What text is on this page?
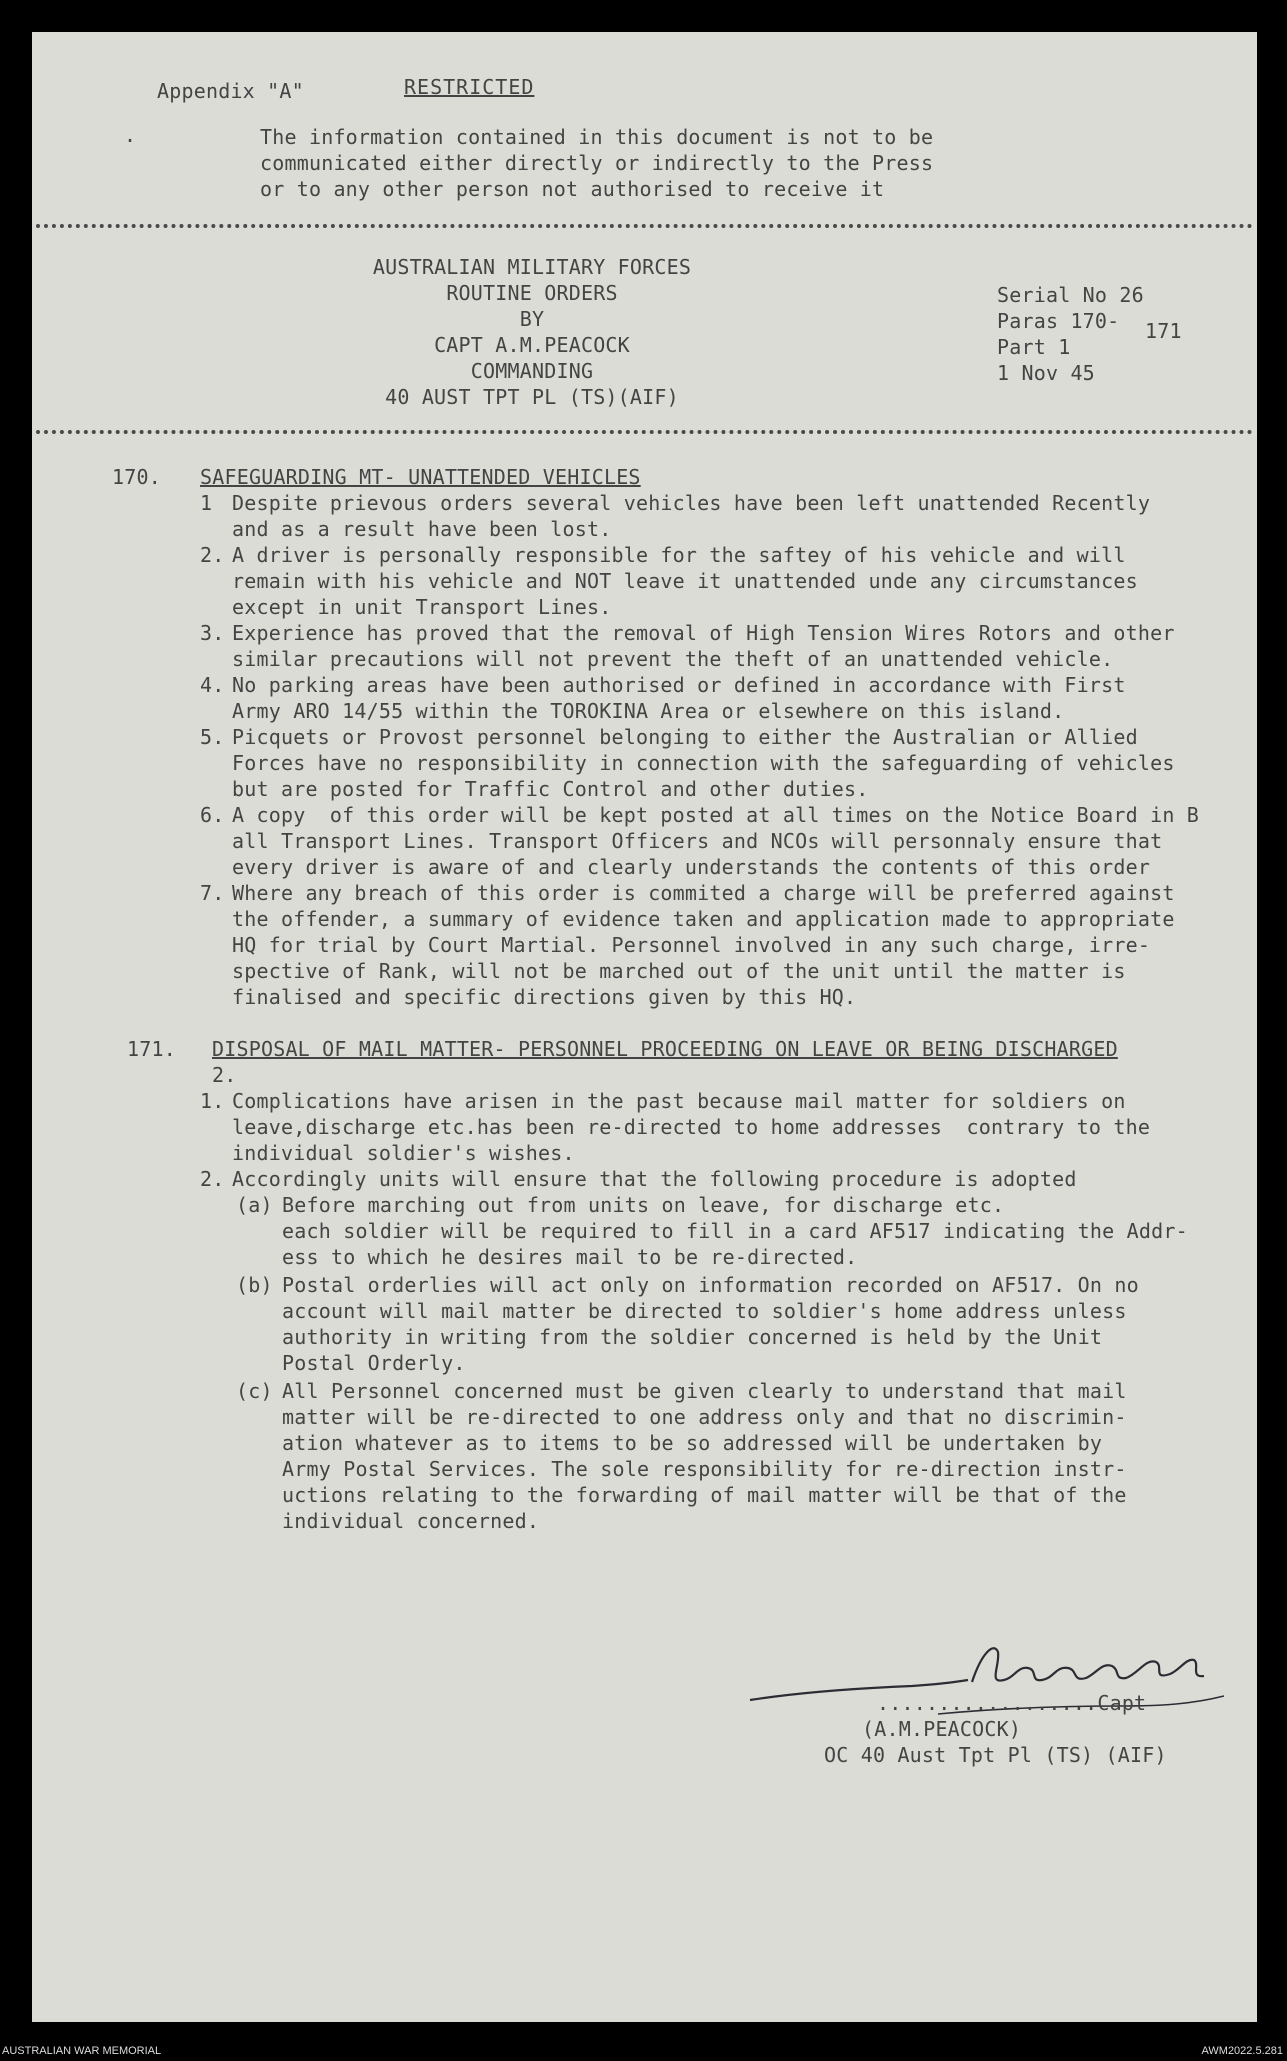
Appendix "A"	RESTRICTED
.	The information contained in this document is not to be
communicated either directly or indirectly to the Press
or to any other person not authorised to receive it
AUSTRALIAN MILITARY FORCES
ROUTINE ORDERS
BY
CAPT A.M.PEACOCK
COMMANDING
40 AUST TPT PL (TS)(AIF)
Serial No 26
Paras 170-
Part 1
1 Nov 45
171
170. SAFEGUARDING MT- UNATTENDED VEHICLES
1 Despite prievous orders several vehicles have been left unattended Recently
and as a result have been lost.
2. A driver is personally responsible for the saftey of his vehicle and will
remain with his vehicle and NOT leave it unattended unde any circumstances
except in unit Transport Lines.
3. Experience has proved that the removal of High Tension Wires Rotors and other
similar precautions will not prevent the theft of an unattended vehicle.
4. No parking areas have been authorised or defined in accordance with First
Army ARO 14/55 within the TOROKINA Area or elsewhere on this island.
5. Picquets or Provost personnel belonging to either the Australian or Allied
Forces have no responsibility in connection with the safeguarding of vehicles
but are posted for Traffic Control and other duties.
6. A copy  of this order will be kept posted at all times on the Notice Board in B
all Transport Lines. Transport Officers and NCOs will personnaly ensure that
every driver is aware of and clearly understands the contents of this order
7. Where any breach of this order is commited a charge will be preferred against
the offender, a summary of evidence taken and application made to appropriate
HQ for trial by Court Martial. Personnel involved in any such charge, irre-
spective of Rank, will not be marched out of the unit until the matter is
finalised and specific directions given by this HQ.
171. DISPOSAL OF MAIL MATTER- PERSONNEL PROCEEDING ON LEAVE OR BEING DISCHARGED
2.
1. Complications have arisen in the past because mail matter for soldiers on
leave,discharge etc.has been re-directed to home addresses  contrary to the
individual soldier's wishes.
2. Accordingly units will ensure that the following procedure is adopted
(a) Before marching out from units on leave, for discharge etc.
each soldier will be required to fill in a card AF517 indicating the Addr-
ess to which he desires mail to be re-directed.
(b) Postal orderlies will act only on information recorded on AF517. On no
account will mail matter be directed to soldier's home address unless
authority in writing from the soldier concerned is held by the Unit
Postal Orderly.
(c) All Personnel concerned must be given clearly to understand that mail
matter will be re-directed to one address only and that no discrimin-
ation whatever as to items to be so addressed will be undertaken by
Army Postal Services. The sole responsibility for re-direction instr-
uctions relating to the forwarding of mail matter will be that of the
individual concerned.
..................Capt
(A.M.PEACOCK)
OC 40 Aust Tpt Pl (TS) (AIF)
AUSTRALIAN WAR MEMORIAL	AWM2022.5.281
